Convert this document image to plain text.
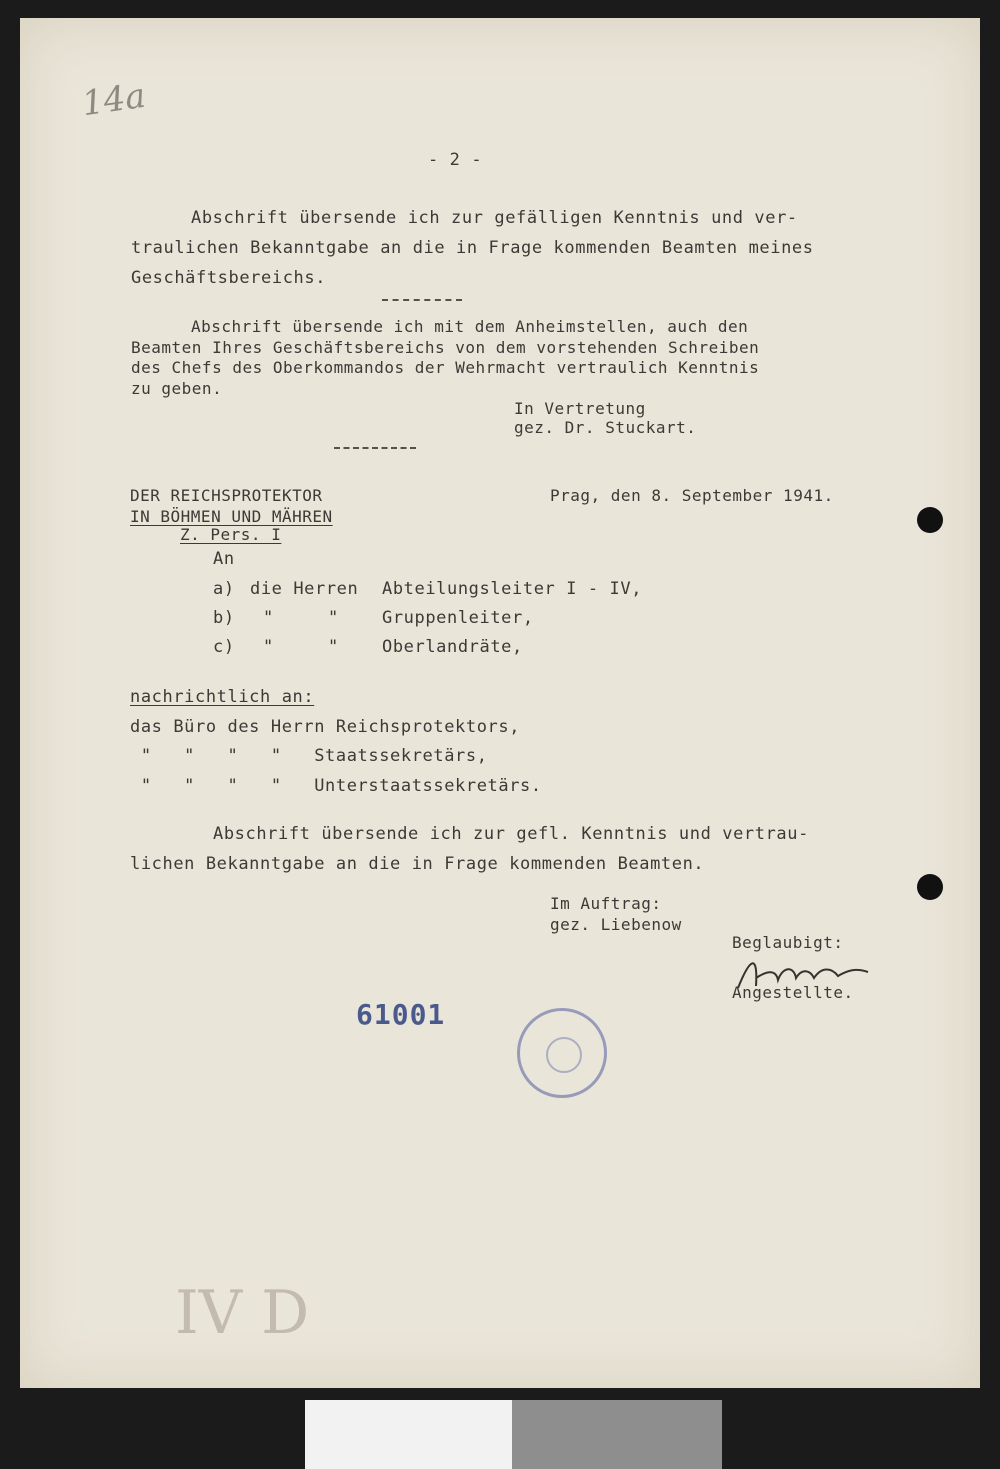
14a
- 2 -
Abschrift übersende ich zur gefälligen Kenntnis und ver-
traulichen Bekanntgabe an die in Frage kommenden Beamten meines
Geschäftsbereichs.
Abschrift übersende ich mit dem Anheimstellen, auch den
Beamten Ihres Geschäftsbereichs von dem vorstehenden Schreiben
des Chefs des Oberkommandos der Wehrmacht vertraulich Kenntnis
zu geben.
In Vertretung
gez. Dr. Stuckart.
DER REICHSPROTEKTOR
IN BÖHMEN UND MÄHREN
Z. Pers. I
Prag, den 8. September 1941.
An
a) die Herren Abteilungsleiter I - IV,
b) "     "	Gruppenleiter,
c) "     "	Oberlandräte,
nachrichtlich an:
das Büro des Herrn Reichsprotektors,
"   "   "   "   Staatssekretärs,
"   "   "   "   Unterstaatssekretärs.
Abschrift übersende ich zur gefl. Kenntnis und vertrau-
lichen Bekanntgabe an die in Frage kommenden Beamten.
Im Auftrag:
gez. Liebenow
Beglaubigt:
Angestellte.
61001
IV D
